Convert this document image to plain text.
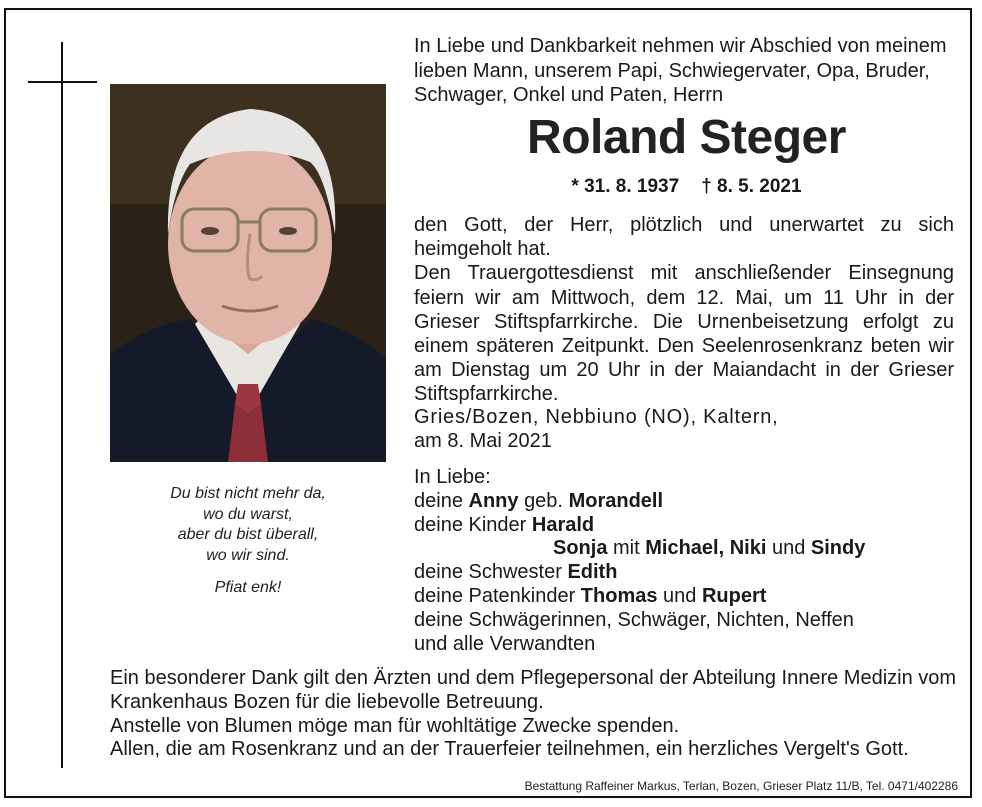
Du bist nicht mehr da,
wo du warst,
aber du bist überall,
wo wir sind.
Pfiat enk!
In Liebe und Dankbarkeit nehmen wir Abschied von meinem lieben Mann, unserem Papi, Schwiegervater, Opa, Bruder, Schwager, Onkel und Paten, Herrn
Roland Steger
* 31. 8. 1937 † 8. 5. 2021

den Gott, der Herr, plötzlich und unerwartet zu sich heimgeholt hat.

Den Trauergottesdienst mit anschließender Einsegnung feiern wir am Mittwoch, dem 12. Mai, um 11 Uhr in der Grieser Stiftspfarrkirche. Die Urnenbeisetzung erfolgt zu einem späteren Zeitpunkt. Den Seelenrosenkranz beten wir am Dienstag um 20 Uhr in der Maiandacht in der Grieser Stiftspfarrkirche.

Gries/Bozen, Nebbiuno (NO), Kaltern,
am 8. Mai 2021
In Liebe:
deine Anny geb. Morandell
deine Kinder Harald
Sonja mit Michael, Niki und Sindy
deine Schwester Edith
deine Patenkinder Thomas und Rupert
deine Schwägerinnen, Schwäger, Nichten, Neffen
und alle Verwandten

Ein besonderer Dank gilt den Ärzten und dem Pflegepersonal der Abteilung Innere Medizin vom Krankenhaus Bozen für die liebevolle Betreuung.

Anstelle von Blumen möge man für wohltätige Zwecke spenden.

Allen, die am Rosenkranz und an der Trauerfeier teilnehmen, ein herzliches Vergelt's Gott.

Bestattung Raffeiner Markus, Terlan, Bozen, Grieser Platz 11/B, Tel. 0471/402286
